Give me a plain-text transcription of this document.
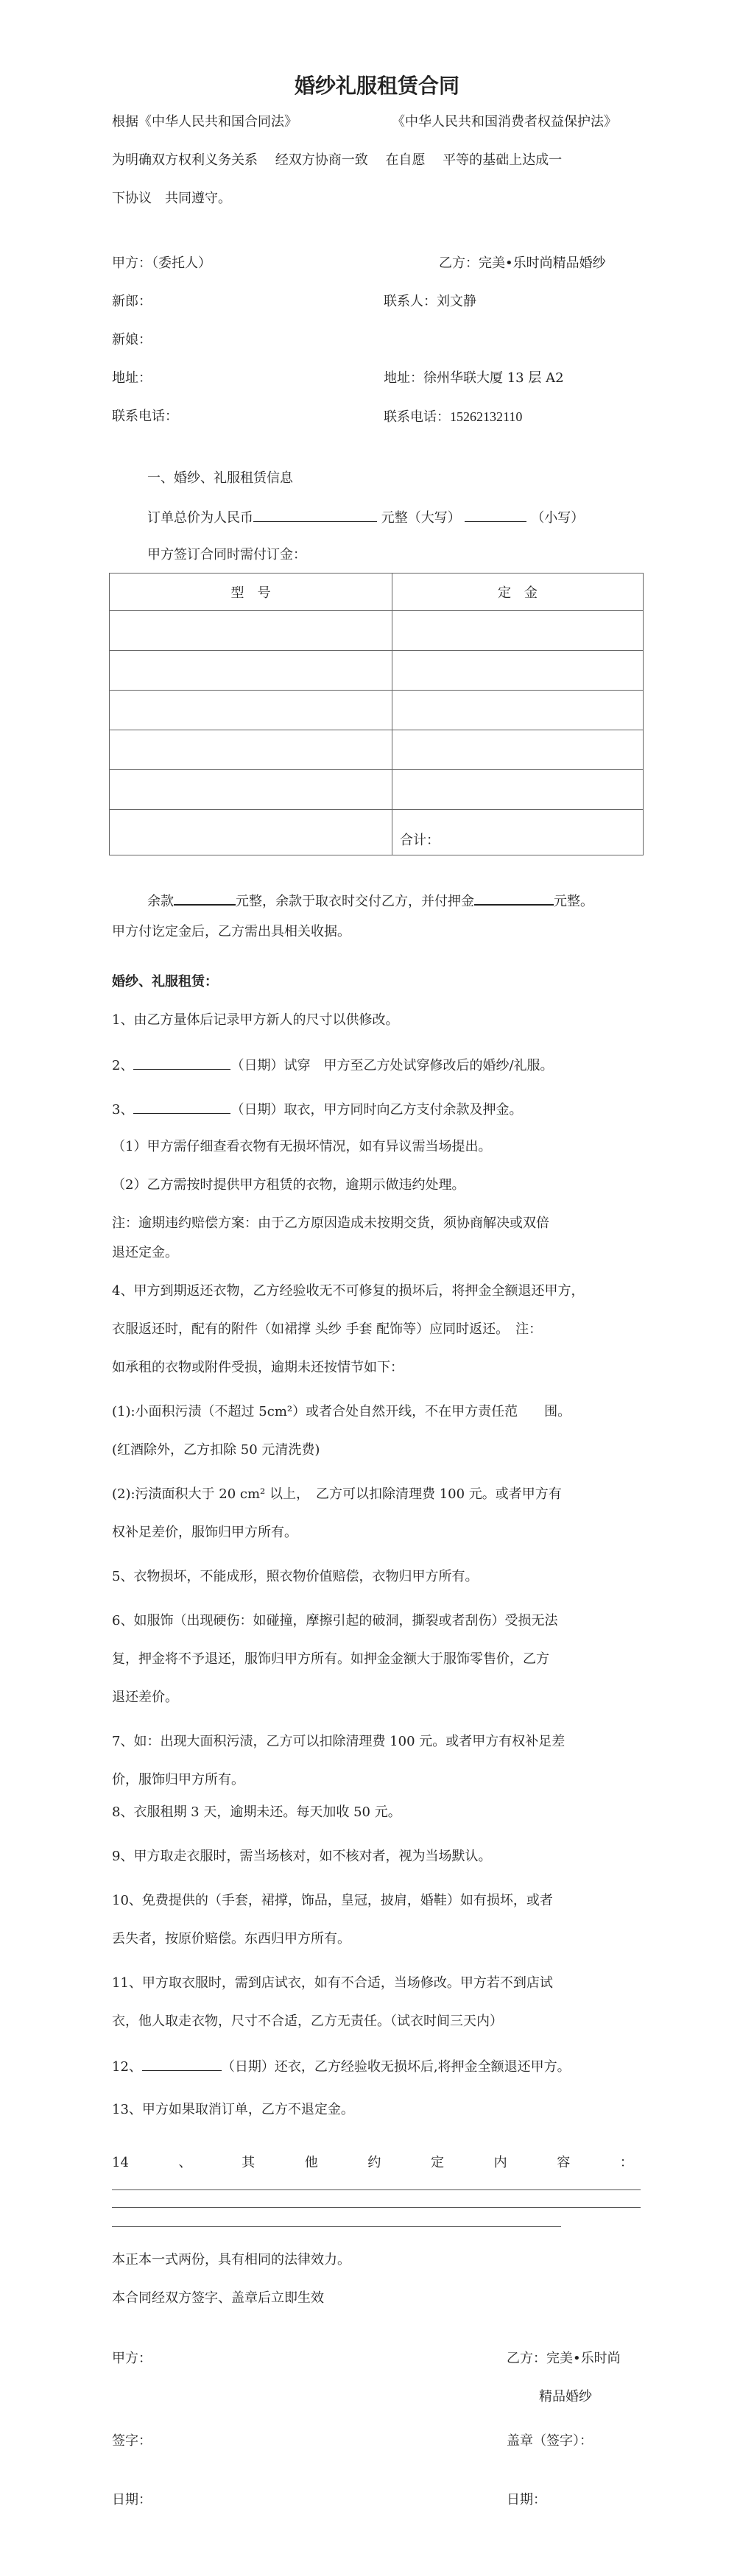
婚纱礼服租赁合同
根据《中华人民共和国合同法》	《中华人民共和国消费者权益保护法》
为明确双方权利义务关系　 经双方协商一致　 在自愿　 平等的基础上达成一
下协议　共同遵守。
甲方：（委托人）	乙方：完美•乐时尚精品婚纱
新郎：	联系人：刘文静
新娘：
地址：	地址：徐州华联大厦 13 层 A2
联系电话：	联系电话：15262132110
一、婚纱、礼服租赁信息
订单总价为人民币	元整（大写）	（小写）
甲方签订合同时需付订金：
型　号	定　金

	合计：
余款	元整，余款于取衣时交付乙方，并付押金	元整。
甲方付讫定金后，乙方需出具相关收据。
婚纱、礼服租赁：
1、由乙方量体后记录甲方新人的尺寸以供修改。
2、	（日期）试穿　甲方至乙方处试穿修改后的婚纱/礼服。
3、	（日期）取衣，甲方同时向乙方支付余款及押金。
（1）甲方需仔细查看衣物有无损坏情况，如有异议需当场提出。
（2）乙方需按时提供甲方租赁的衣物，逾期示做违约处理。
注：逾期违约赔偿方案：由于乙方原因造成未按期交货，须协商解决或双倍
退还定金。
4、甲方到期返还衣物，乙方经验收无不可修复的损坏后，将押金全额退还甲方，
衣服返还时，配有的附件（如裙撑 头纱 手套 配饰等）应同时返还。　注：
如承租的衣物或附件受损，逾期未还按情节如下：
(1):小面积污渍（不超过 5cm²）或者合处自然开线，不在甲方责任范　　围。
(红酒除外，乙方扣除 50 元清洗费)
(2):污渍面积大于 20 cm² 以上，　乙方可以扣除清理费 100 元。或者甲方有
权补足差价，服饰归甲方所有。
5、衣物损坏，不能成形，照衣物价值赔偿，衣物归甲方所有。
6、如服饰（出现硬伤：如碰撞，摩擦引起的破洞，撕裂或者刮伤）受损无法
复，押金将不予退还，服饰归甲方所有。如押金金额大于服饰零售价，乙方
退还差价。
7、如：出现大面积污渍，乙方可以扣除清理费 100 元。或者甲方有权补足差
价，服饰归甲方所有。
8、衣服租期 3 天，逾期未还。每天加收 50 元。
9、甲方取走衣服时，需当场核对，如不核对者，视为当场默认。
10、免费提供的（手套，裙撑，饰品，皇冠，披肩，婚鞋）如有损坏，或者
丢失者，按原价赔偿。东西归甲方所有。
11、甲方取衣服时，需到店试衣，如有不合适，当场修改。甲方若不到店试
衣，他人取走衣物，尺寸不合适，乙方无责任。（试衣时间三天内）
12、	（日期）还衣，乙方经验收无损坏后,将押金全额退还甲方。
13、甲方如果取消订单，乙方不退定金。
14	、	其	他	约	定	内	容	：
本正本一式两份，具有相同的法律效力。
本合同经双方签字、盖章后立即生效
甲方：	乙方：完美•乐时尚
精品婚纱
签字：	盖章（签字）：
日期：	日期：
